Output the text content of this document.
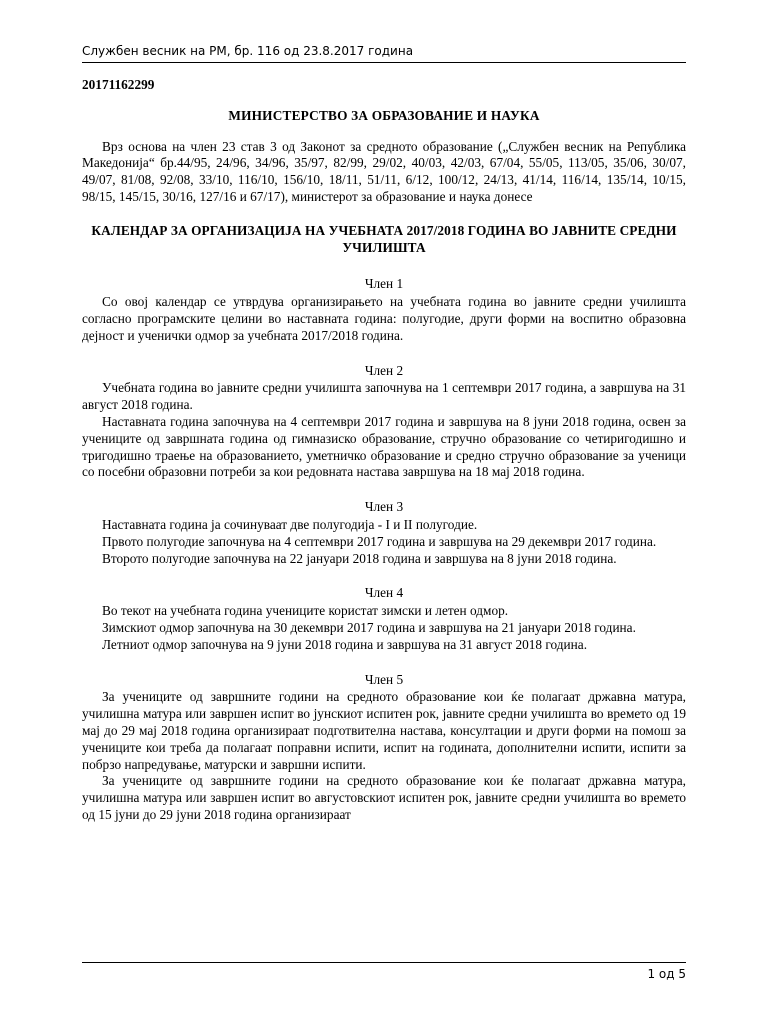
Службен весник на РМ, бр. 116 од 23.8.2017 година
20171162299
МИНИСТЕРСТВО ЗА ОБРАЗОВАНИЕ И НАУКА

Врз основа на член 23 став 3 од Законот за средното образование („Службен весник на Република Македонија“ бр.44/95, 24/96, 34/96, 35/97, 82/99, 29/02, 40/03, 42/03, 67/04, 55/05, 113/05, 35/06, 30/07, 49/07, 81/08, 92/08, 33/10, 116/10, 156/10, 18/11, 51/11, 6/12, 100/12, 24/13, 41/14, 116/14, 135/14, 10/15, 98/15, 145/15, 30/16, 127/16 и 67/17), министерот за образование и наука донесе

КАЛЕНДАР ЗА ОРГАНИЗАЦИЈА НА УЧЕБНАТА 2017/2018 ГОДИНА ВО ЈАВНИТЕ СРЕДНИ УЧИЛИШТА
Член 1

Со овој календар се утврдува организирањето на учебната година во јавните средни училишта согласно програмските целини во наставната година: полугодие, други форми на воспитно образовна дејност и ученички одмор за учебната 2017/2018 година.

Член 2

Учебната година во јавните средни училишта започнува на 1 септември 2017 година, а завршува на 31 август 2018 година.

Наставната година започнува на 4 септември 2017 година и завршува на 8 јуни 2018 година, освен за учениците од завршната година од гимназиско образование, стручно образование со четиригодишно и тригодишно траење на образованието, уметничко образование и средно стручно образование за ученици со посебни образовни потреби за кои редовната настава завршува на 18 мај 2018 година.

Член 3

Наставната година ја сочинуваат две полугодија - I и II полугодие.

Првото полугодие започнува на 4 септември 2017 година и завршува на 29 декември 2017 година.

Второто полугодие започнува на 22 јануари 2018 година и завршува на 8 јуни 2018 година.

Член 4

Во текот на учебната година учениците користат зимски и летен одмор.

Зимскиот одмор започнува на 30 декември 2017 година и завршува на 21 јануари 2018 година.

Летниот одмор започнува на 9 јуни 2018 година и завршува на 31 август 2018 година.

Член 5

За учениците од завршните години на средното образование кои ќе полагаат државна матура, училишна матура или завршен испит во јунскиот испитен рок, јавните средни училишта во времето од 19 мај до 29 мај 2018 година организираат подготвителна настава, консултации и други форми на помош за учениците кои треба да полагаат поправни испити, испит на годината, дополнителни испити, испити за побрзо напредување, матурски и завршни испити.

За учениците од завршните години на средното образование кои ќе полагаат државна матура, училишна матура или завршен испит во августовскиот испитен рок, јавните средни училишта во времето од 15 јуни до 29 јуни 2018 година организираат

1 од 5
